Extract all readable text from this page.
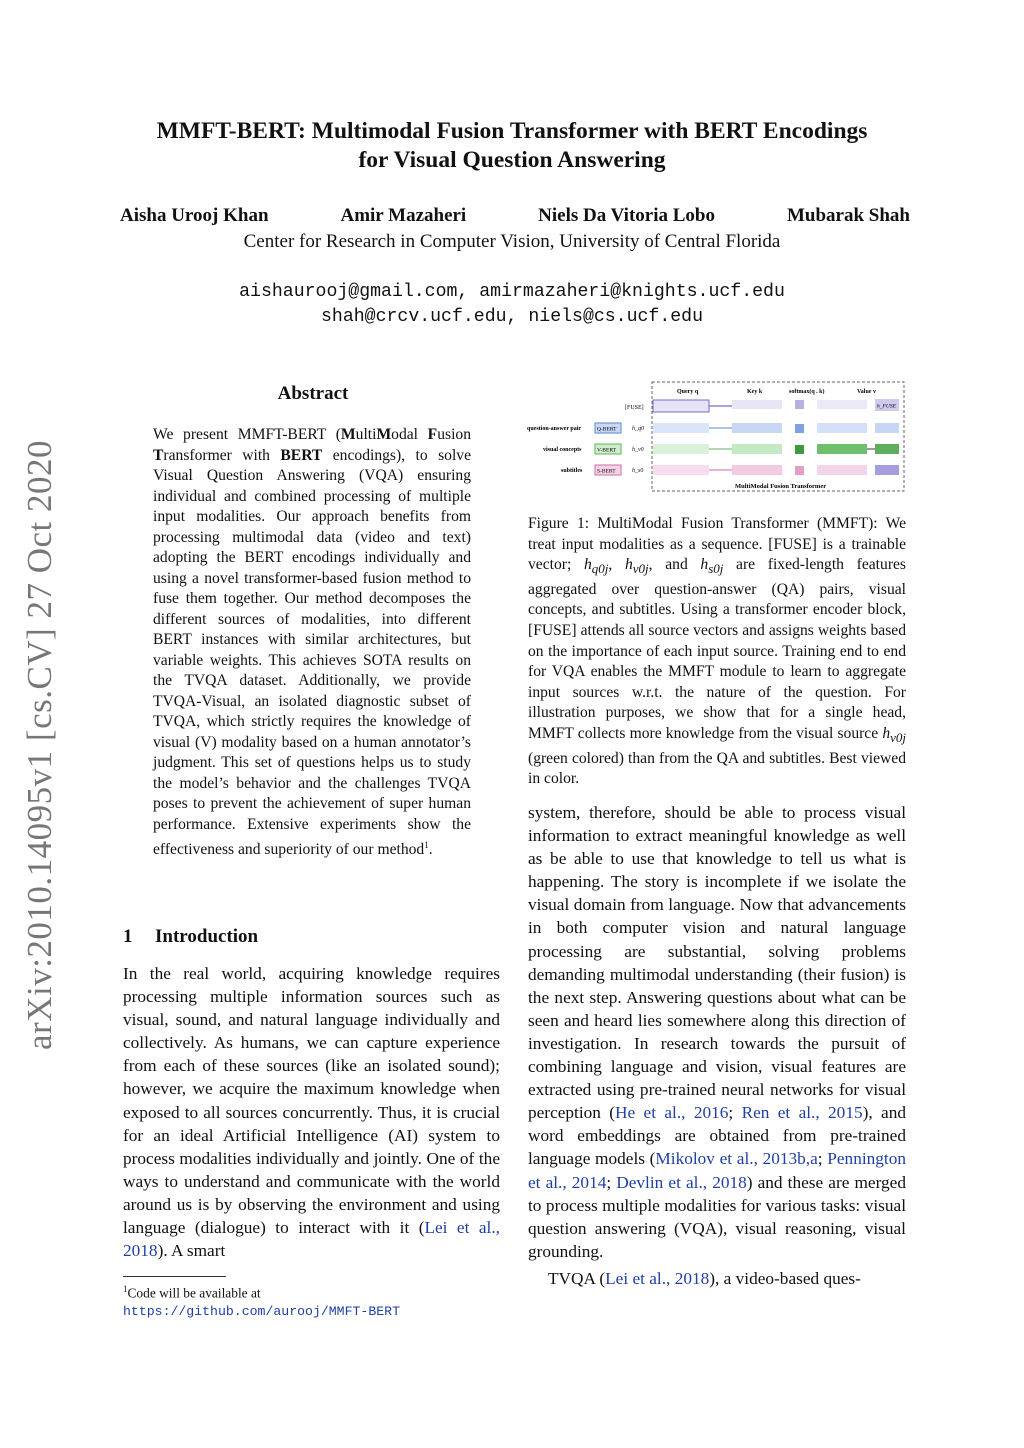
arXiv:2010.14095v1 [cs.CV] 27 Oct 2020
MMFT-BERT: Multimodal Fusion Transformer with BERT Encodings
for Visual Question Answering
Aisha Urooj Khan	Amir Mazaheri	Niels Da Vitoria Lobo	Mubarak Shah
Center for Research in Computer Vision, University of Central Florida
aishaurooj@gmail.com, amirmazaheri@knights.ucf.edu
shah@crcv.ucf.edu, niels@cs.ucf.edu
Abstract
We present MMFT-BERT (MultiModal Fusion Transformer with BERT encodings), to solve Visual Question Answering (VQA) ensuring individual and combined processing of multiple input modalities. Our approach benefits from processing multimodal data (video and text) adopting the BERT encodings individually and using a novel transformer-based fusion method to fuse them together. Our method decomposes the different sources of modalities, into different BERT instances with similar architectures, but variable weights. This achieves SOTA results on the TVQA dataset. Additionally, we provide TVQA-Visual, an isolated diagnostic subset of TVQA, which strictly requires the knowledge of visual (V) modality based on a human annotator’s judgment. This set of questions helps us to study the model’s behavior and the challenges TVQA poses to prevent the achievement of super human performance. Extensive experiments show the effectiveness and superiority of our method$^1$.
1 Introduction
In the real world, acquiring knowledge requires processing multiple information sources such as visual, sound, and natural language individually and collectively. As humans, we can capture experience from each of these sources (like an isolated sound); however, we acquire the maximum knowledge when exposed to all sources concurrently. Thus, it is crucial for an ideal Artificial Intelligence (AI) system to process modalities individually and jointly. One of the ways to understand and communicate with the world around us is by observing the environment and using language (dialogue) to interact with it (Lei et al., 2018). A smart
$^1$Code will be available at https://github.com/aurooj/MMFT-BERT
Query q	Key k	softmax(q . k)	Value v
[FUSE]
question-answer pair	Q-BERT	h_q0
visual concepts	V-BERT	h_v0
subtitles	S-BERT	h_s0
h_FUSE
MultiModal Fusion Transformer
Figure 1: MultiModal Fusion Transformer (MMFT): We treat input modalities as a sequence. [FUSE] is a trainable vector; $h_{q0j}$, $h_{v0j}$, and $h_{s0j}$ are fixed-length features aggregated over question-answer (QA) pairs, visual concepts, and subtitles. Using a transformer encoder block, [FUSE] attends all source vectors and assigns weights based on the importance of each input source. Training end to end for VQA enables the MMFT module to learn to aggregate input sources w.r.t. the nature of the question. For illustration purposes, we show that for a single head, MMFT collects more knowledge from the visual source $h_{v0j}$ (green colored) than from the QA and subtitles. Best viewed in color.

system, therefore, should be able to process visual information to extract meaningful knowledge as well as be able to use that knowledge to tell us what is happening. The story is incomplete if we isolate the visual domain from language. Now that advancements in both computer vision and natural language processing are substantial, solving problems demanding multimodal understanding (their fusion) is the next step. Answering questions about what can be seen and heard lies somewhere along this direction of investigation. In research towards the pursuit of combining language and vision, visual features are extracted using pre-trained neural networks for visual perception (He et al., 2016; Ren et al., 2015), and word embeddings are obtained from pre-trained language models (Mikolov et al., 2013b,a; Pennington et al., 2014; Devlin et al., 2018) and these are merged to process multiple modalities for various tasks: visual question answering (VQA), visual reasoning, visual grounding.

TVQA (Lei et al., 2018), a video-based ques-
